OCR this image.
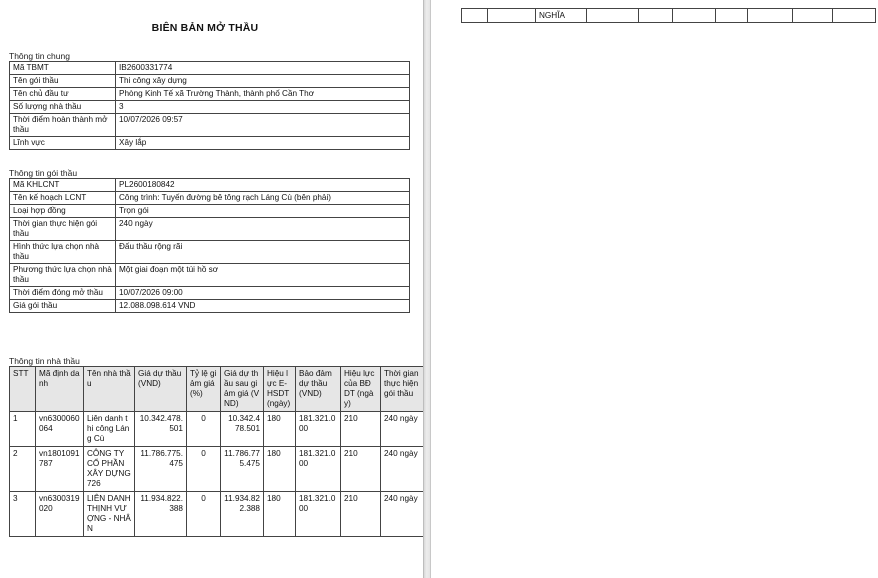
BIÊN BẢN MỞ THẦU
Thông tin chung
Mã TBMT	IB2600331774
Tên gói thầu	Thi công xây dựng
Tên chủ đầu tư	Phòng Kinh Tế xã Trường Thành, thành phố Cần Thơ
Số lượng nhà thầu	3
Thời điểm hoàn thành mở thầu	10/07/2026 09:57
Lĩnh vực	Xây lắp
Thông tin gói thầu
Mã KHLCNT	PL2600180842
Tên kế hoạch LCNT	Công trình: Tuyến đường bê tông rạch Láng Cù (bên phải)
Loại hợp đồng	Trọn gói
Thời gian thực hiện gói thầu	240 ngày
Hình thức lựa chọn nhà thầu	Đấu thầu rộng rãi
Phương thức lựa chọn nhà thầu	Một giai đoạn một túi hồ sơ
Thời điểm đóng mở thầu	10/07/2026 09:00
Giá gói thầu	12.088.098.614 VND
Thông tin nhà thầu
STT	Mã định danh	Tên nhà thầu	Giá dự thầu (VND)	Tỷ lệ giảm giá (%)	Giá dự thầu sau giảm giá (VND)	Hiệu lực E-HSDT (ngày)	Bảo đảm dự thầu (VND)	Hiệu lực của BĐ DT (ngày)	Thời gian thực hiện gói thầu
1	vn6300060064	Liên danh thi công Láng Cù	10.342.478.501	0	10.342.478.501	180	181.321.000	210	240 ngày
2	vn1801091787	CÔNG TY CỔ PHẦN XÂY DỰNG 726	11.786.775.475	0	11.786.775.475	180	181.321.000	210	240 ngày
3	vn6300319020	LIÊN DANH THỊNH VƯỢNG - NHÂN	11.934.822.388	0	11.934.822.388	180	181.321.000	210	240 ngày
		NGHĨA							
